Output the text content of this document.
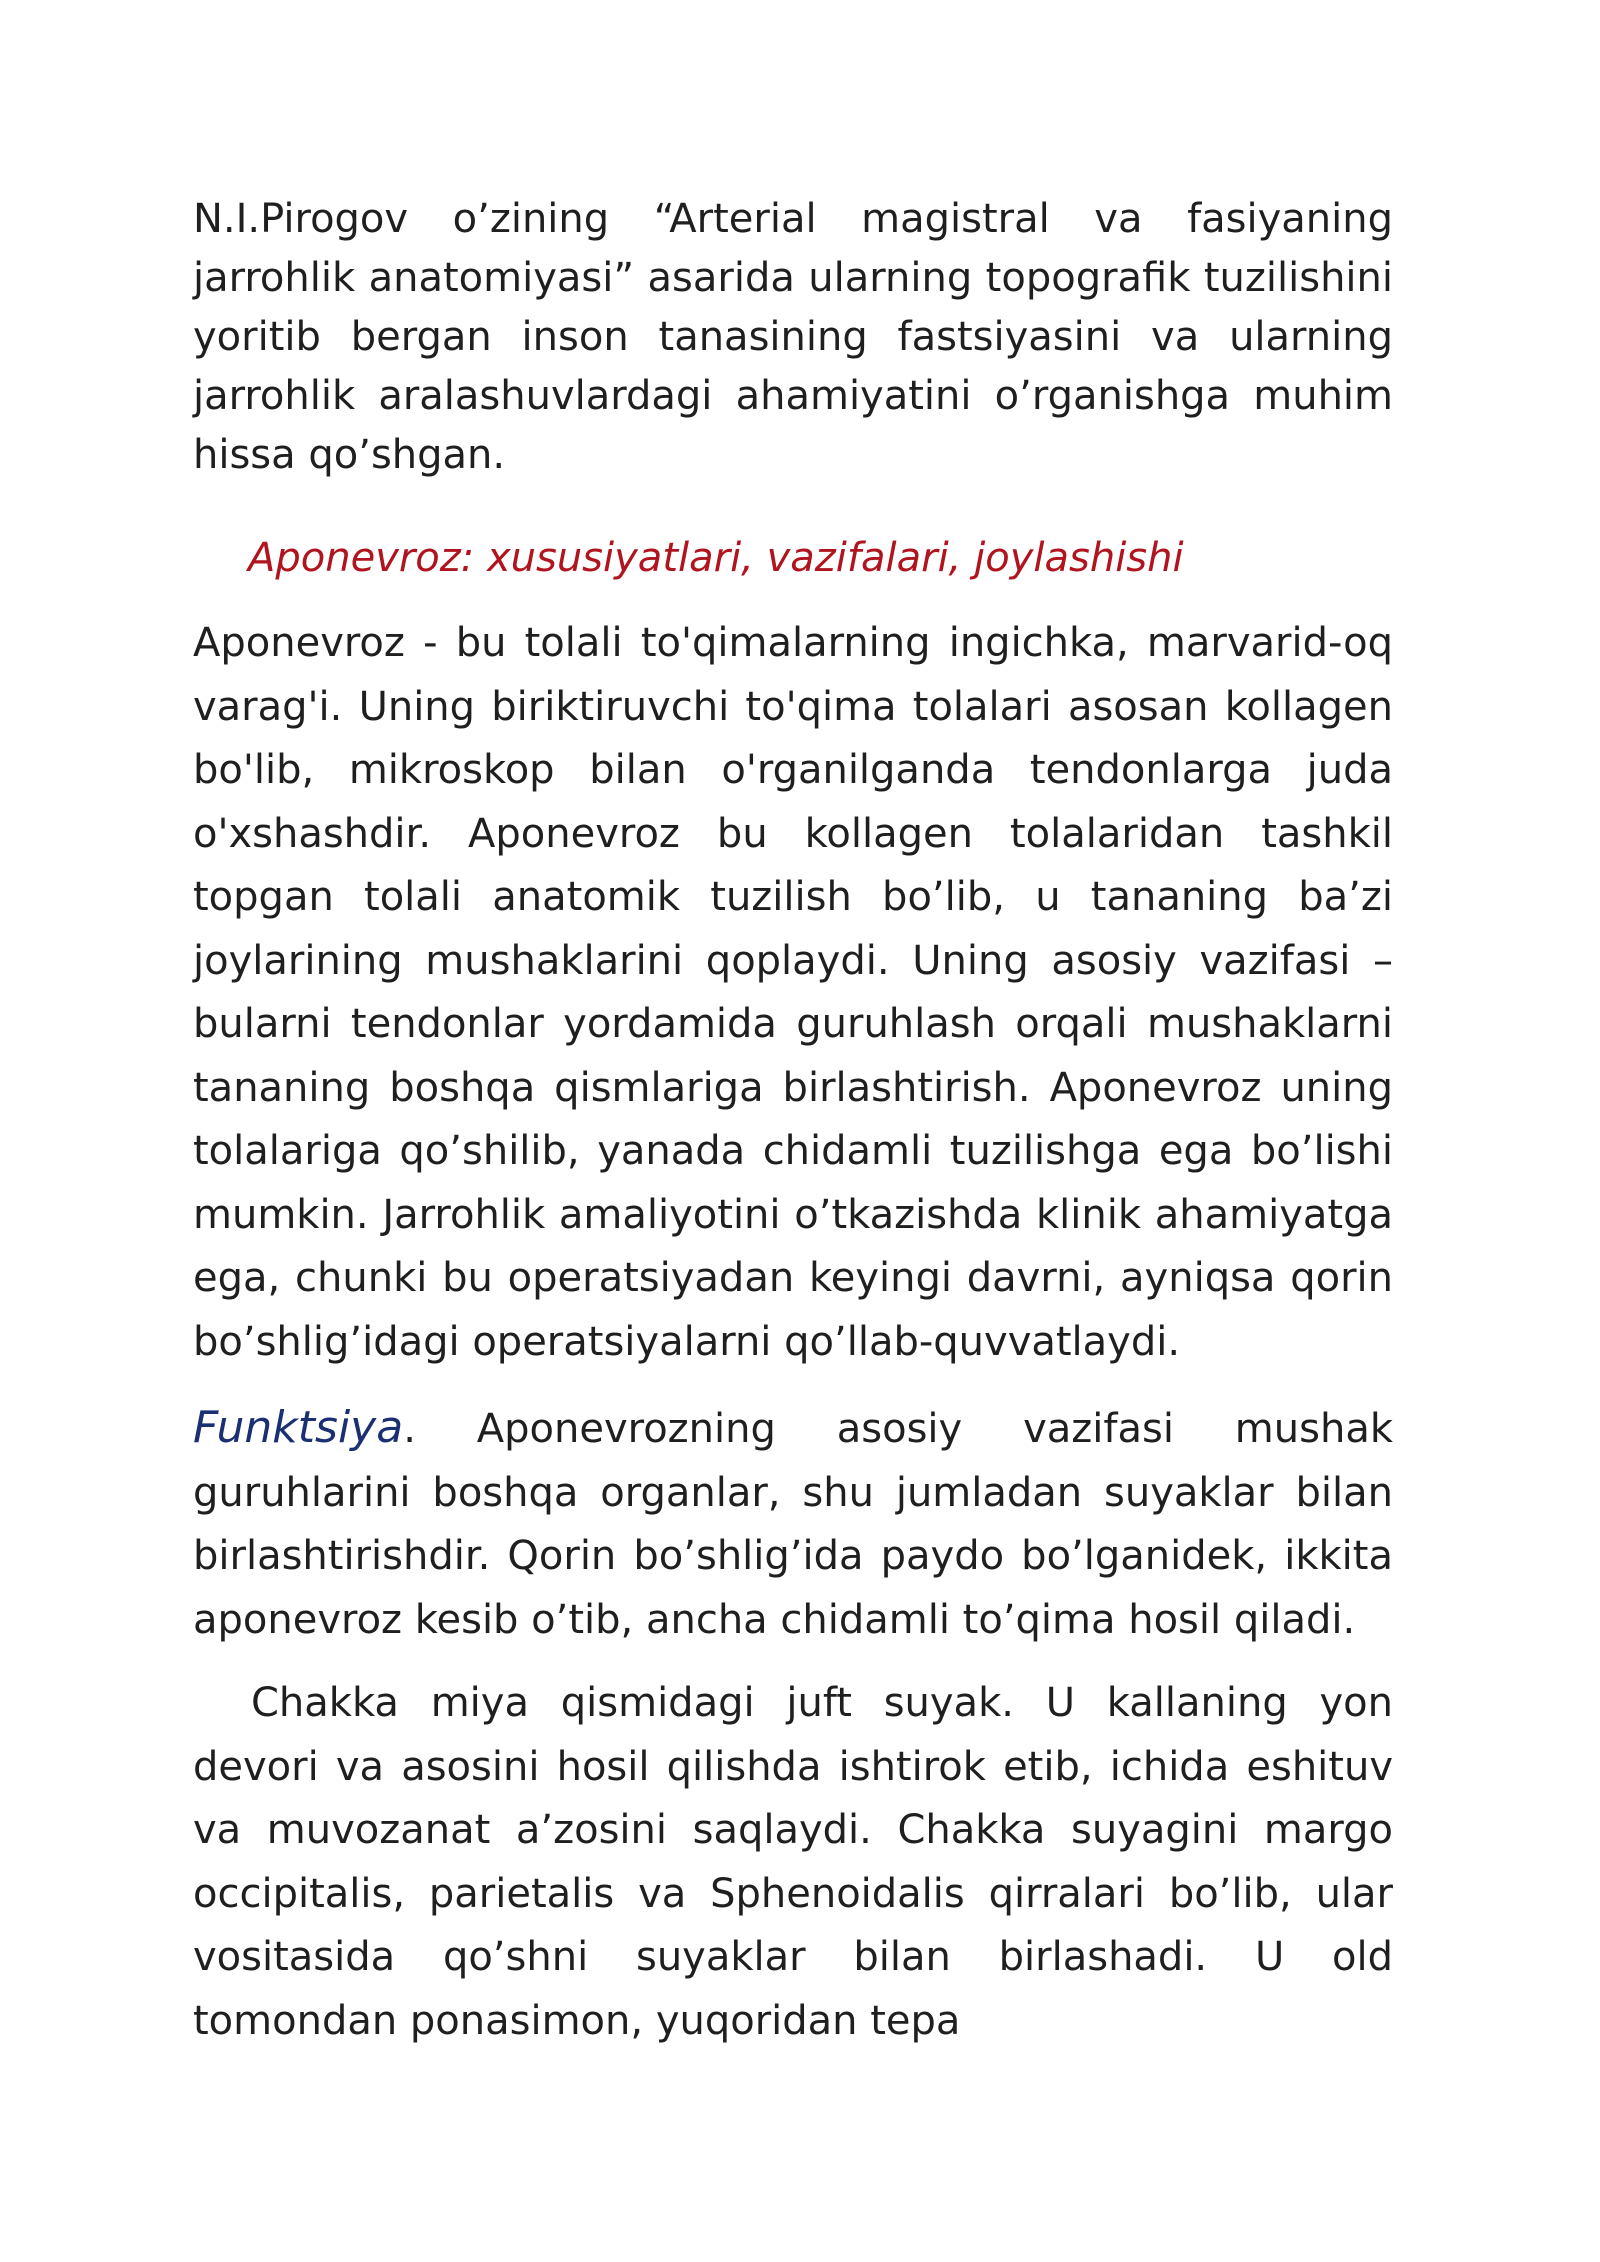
N.I.Pirogov o’zining “Arterial magistral va fasiyaning jarrohlik anatomiyasi” asarida ularning topografik tuzilishini yoritib bergan inson tanasining fastsiyasini va ularning jarrohlik aralashuvlardagi ahamiyatini o’rganishga muhim hissa qo’shgan.

Aponevroz: xususiyatlari, vazifalari, joylashishi

Aponevroz - bu tolali to'qimalarning ingichka, marvarid-oq varag'i. Uning biriktiruvchi to'qima tolalari asosan kollagen bo'lib, mikroskop bilan o'rganilganda tendonlarga juda o'xshashdir. Aponevroz bu kollagen tolalaridan tashkil topgan tolali anatomik tuzilish bo’lib, u tananing ba’zi joylarining mushaklarini qoplaydi. Uning asosiy vazifasi – bularni tendonlar yordamida guruhlash orqali mushaklarni tananing boshqa qismlariga birlashtirish. Aponevroz uning tolalariga qo’shilib, yanada chidamli tuzilishga ega bo’lishi mumkin. Jarrohlik amaliyotini o’tkazishda klinik ahamiyatga ega, chunki bu operatsiyadan keyingi davrni, ayniqsa qorin bo’shlig’idagi operatsiyalarni qo’llab-quvvatlaydi.

Funktsiya. Aponevrozning asosiy vazifasi mushak guruhlarini boshqa organlar, shu jumladan suyaklar bilan birlashtirishdir. Qorin bo’shlig’ida paydo bo’lganidek, ikkita aponevroz kesib o’tib, ancha chidamli to’qima hosil qiladi.

Chakka miya qismidagi juft suyak. U kallaning yon devori va asosini hosil qilishda ishtirok etib, ichida eshituv va muvozanat a’zosini saqlaydi. Chakka suyagini margo occipitalis, parietalis va Sphenoidalis qirralari bo’lib, ular vositasida qo’shni suyaklar bilan birlashadi. U old tomondan ponasimon, yuqoridan tepa
